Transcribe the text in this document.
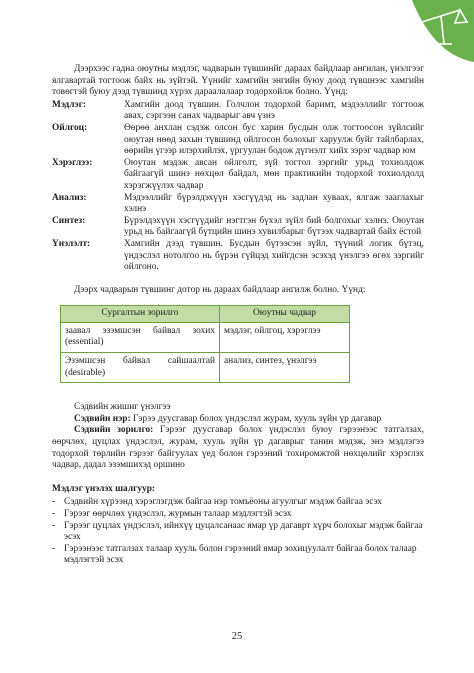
Дээрхээс гадна оюутны мэдлэг, чадварын түвшинйг дараах байдлаар ангилан, үнэлгээг ялгавартай тогтоож байх нь зүйтэй. Үүнийг хамгийн энгийн буюу доод түвшнээс хамгийн товөгтэй буюу дээд түвшинд хүрэх дараалалаар тодорхойлж болно. Үүнд:

Мэдлэг:	Хамгийн доод түвшин. Голчлон тодорхой баримт, мэдээллийг тогтоож авах, сэргээн санах чадварыг авч үзнэ
Ойлгоц:	Өөрөө анхлан сэдэж олсон бус харин бусдын олж тогтоосон зүйлсийг оюутан нөөд захын түвшинд ойлгосон болохыг харуулж буйг тайлбарлах, өөрийн үгээр илэрхийлэх, үргуулан бодож дүгнэлт хийх зэрэг чадвар юм
Хэрэглээ:	Оюутан мэдэж авсан ойлголт, зүй тогтол зэргийг урьд тохиолдож байгаагүй шинэ нөхцөл байдал, мөн практикийн тодорхой тохиолдолд хэрэгжүүлэх чадвар
Анализ:	Мэдээллийг бүрэлдэхүүн хэсгүүдэд нь задлан хуваах, ялгаж зааглахыг хэлнэ
Синтез:	Бүрэлдэхүүн хэсгүүдийг нэгтгэн бүхэл зүйл бий болгохыг хэлнэ. Оюутан урьд нь байгаагүй бүтцийн шинэ хувилбарыг бүтээх чадвартай байх ёстой
Үнэлэлт:	Хамгийн дээд түвшин. Бусдын бүтээсэн зүйл, түүний логик бүтэц, үндэслэл нотолгоо нь бүрэн гүйцэд хийгдсэн эсэхэд үнэлгээ өгөх зэргийг ойлгоно.

Дээрх чадварын түвшинг дотор нь дараах байдлаар ангилж болно. Үүнд:

Сургалтын зорилго	Оюутны чадвар
заавал эзэмшсэн байвал зохих (essential)	мэдлэг, ойлгоц, хэрэглээ
Эзэмшсэн байвал сайшаалтай (desirable)	анализ, синтез, үнэлгээ

Сэдвийн жишиг үнэлгээ

Сэдвийн нэр: Гэрээ дуусгавар болох үндэслэл журам, хууль зүйн үр дагавар

Сэдвийн зорилго: Гэрээг дуусгавар болох үндэслэл буюу гэрээнээс татгалзах, өөрчлөх, цуцлах үндэслэл, журам, хууль зүйн үр дагаврыг танин мэдэж, энэ мэдлэгээ тодорхой төрлийн гэрээг байгуулах үед болон гэрээний тохиромжтой нөхцөлийг хэрэглэх чадвар, дадал эзэмшихэд оршино

Мэдлэг үнэлэх шалгуур:

- Сэдвийн хүрээнд хэрэглэгдэж байгаа нэр томъёоны агуулгыг мэдэж байгаа эсэх
- Гэрээг өөрчлөх үндэслэл, журмын талаар мэдлэгтэй эсэх
- Гэрээг цуцлах үндэслэл, ийнхүү цуцалсанаас ямар үр дагаврт хүрч болохыг мэдэж байгаа эсэх
- Гэрээнээс татгалзах талаар хууль болон гэрээний ямар зохицуулалт байгаа болох талаар мэдлэгтэй эсэх
25
